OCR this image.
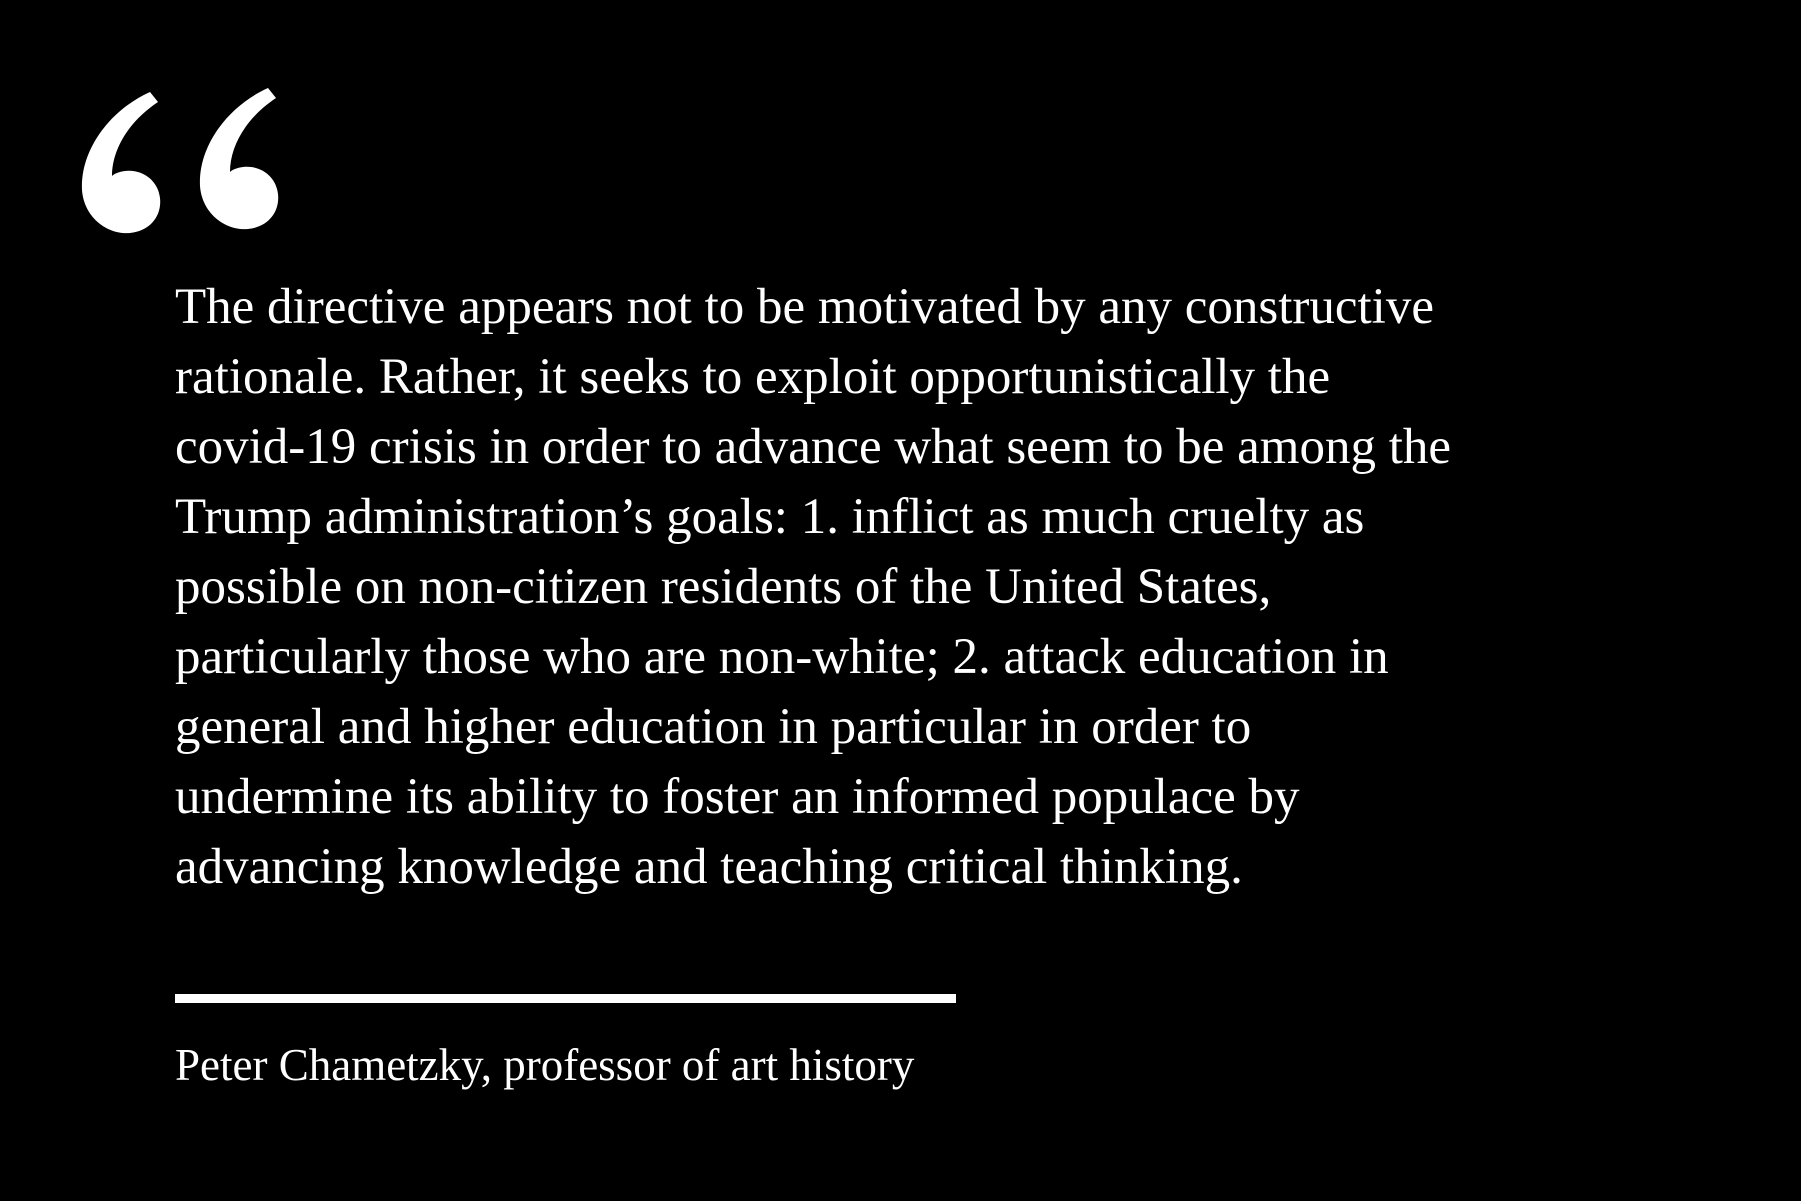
The directive appears not to be motivated by any constructive
rationale. Rather, it seeks to exploit opportunistically the
covid-19 crisis in order to advance what seem to be among the
Trump administration’s goals: 1. inflict as much cruelty as
possible on non-citizen residents of the United States,
particularly those who are non-white; 2. attack education in
general and higher education in particular in order to
undermine its ability to foster an informed populace by
advancing knowledge and teaching critical thinking.

Peter Chametzky, professor of art history
